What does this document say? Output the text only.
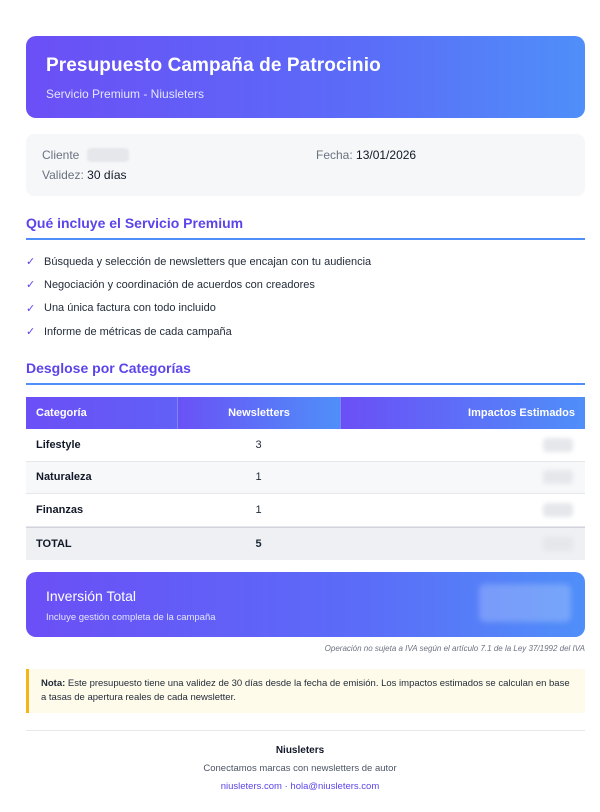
Presupuesto Campaña de Patrocinio
Servicio Premium - Niusleters
Cliente	Fecha: 13/01/2026
Validez: 30 días
Qué incluye el Servicio Premium
✓ Búsqueda y selección de newsletters que encajan con tu audiencia
✓ Negociación y coordinación de acuerdos con creadores
✓ Una única factura con todo incluido
✓ Informe de métricas de cada campaña
Desglose por Categorías
Categoría	Newsletters	Impactos Estimados
Lifestyle	3
Naturaleza	1
Finanzas	1
TOTAL	5
Inversión Total
Incluye gestión completa de la campaña
Operación no sujeta a IVA según el artículo 7.1 de la Ley 37/1992 del IVA
Nota: Este presupuesto tiene una validez de 30 días desde la fecha de emisión. Los impactos estimados se calculan en base a tasas de apertura reales de cada newsletter.
Niusleters
Conectamos marcas con newsletters de autor
niusleters.com · hola@niusleters.com
